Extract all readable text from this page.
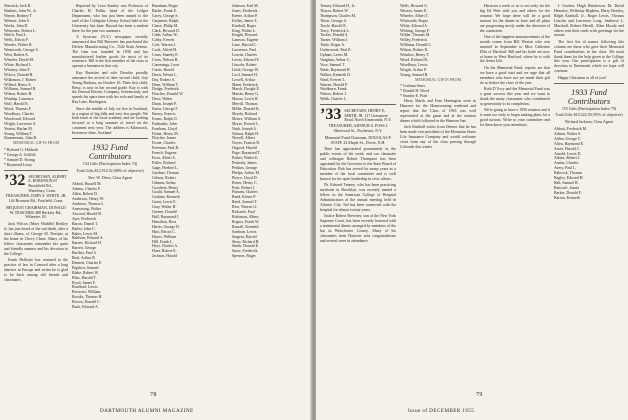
Warwick, Jack R.
Watkins, John W., Jr.
Wayne, Rodney T.
Webster, John S.
Weeks, John D.
Weinstein, Robert L.
Welch, Paul L.
Wells, Edwin F.
Wender, Walter R.
Wentworth, George S.
West, Robert A.
Wheeler, David M.
White, Richard L.
Whitney, John P.
Wilcox, Donald H.
Wilkinson, J. Robert
Willard, Henry S.
Williams, Samuel B.
Wilson, Robert H.
Winship, Laurence
Wolf, Harold E.
Wood, Thomas F.
Woodbury, Charles
Woodward, Edward
Wright, Lawrence S.
Yeaton, Harlan M.
Young, William T.
Zimmerman, John R.
MEMORIAL GIFTS FROM
* Richard G. Hildreth
* George A. Griffith
* Samuel D. Strong
* Raymond Leary
’32 SECRETARY, ALBERT E. ROBINSON 67 Brookfield Rd., Waterbury, Conn.
TREASURER, JOHN S. WHITE, JR. 144 Bronson Rd., Fairfield, Conn.
BEQUEST CHAIRMAN, DONALD W. DOSCHER 488 Berkley Rd., Wilmette, Ill.

Jack Wilcox (Mary Waddle) Berkley Jr. has just heard of the sad death, after a short illness, of George M. Deetjen, at his home in Chevy Chase. Many of his fellow classmates remember his quiet and friendly manner and his devotion to the College.

Frank Hollister has returned to the practice of law in Concord after a long absence in Europe and writes he is glad to be back among old friends and classmates.

Reported by Leon Stanley was Professor of Charles H. Pullin, head of the Ledger Department, who has just been named to the staff of the Collegiate Library School held at the University last June. Bayard has been a student there for the past two summers.

A Syracuse (N.Y.) newspaper recently announced that Bill Brewster has purchased the Deliver Manufacturing Co., 1542 Sixth Avenue. The firm was founded in 1938 and has manufactured leather goods for most of its existence. Bill is the first member of the class to operate a business in that city.

Kay Barrister and wife Dorothy proudly announce the arrival of their second child, Gay Young Barbara, on October 16. Their first child, Betsy, is now in her second grade. Kay is with the General Electric Company, Schenectady, and spends his spare time with his wife and family at Ray Lane, Burlington.

Since the middle of July we live in Scotland, in a region of big hills and very few people. We both teach at the local academy and are looking forward to a long summer of travel on the continent next year. The address is Kilmorack, Inverness-shire, Scotland.

1932 Fund Contributors
134 Gifts (Participation Index 74)
Total Gifts $12,914.92 (88% of objective)
Rev. W. Drew, Class Agent
Abbott, Russell M.
Adams, Charles F.
Allen, Robert D.
Anderson, Henry W.
Andrews, Thomas L.
Armstrong, Walter
Atwood, Harold B.
Ayer, Frederick
Bacon, Daniel T.
Bailey, John C.
Baker, Lewis M.
Baldwin, Edward S.
Barnes, Richard H.
Barrett, George
Bartlett, Paul A.
Beal, Arthur R.
Bennett, Charles E.
Bigelow, Samuel
Blake, Robert W.
Bliss, Harold T.
Boyd, James F.
Bradford, Lewis
Brewster, William
Brooks, Thomas H.
Brown, Donald C.
Buck, Edward A.
Burnham, Roger
Butler, Frank E.
Carey, George S.
Carpenter, Ralph
Chase, Philip M.
Clark, Howard D.
Cobb, Arthur W.
Colby, Everett
Cole, Warren J.
Cook, Alfred H.
Cram, Stanley E.
Cross, Nelson B.
Cummings, Leon
Curtis, Harold
Davis, Edwin L.
Day, Robert A.
Dean, William T.
Dodge, Frederick
Doscher, Donald W.
Drew, Walter
Dunn, Joseph P.
Eaton, George F.
Emery, Francis
Evans, Ralph O.
Fairbanks, John
Farnham, Lloyd
Fisher, Henry M.
Fletcher, James
Foster, Charles
Freeman, Paul R.
French, Eugene
Frost, Albert S.
Fuller, Richard
Gage, Herbert L.
Gardner, Thomas
Gibson, Robert
Gilman, Arthur
Goodwin, Henry
Gould, Samuel A.
Graham, Kenneth
Grant, Lewis E.
Gray, Walter H.
Greene, Donald
Hall, Raymond J.
Hamilton, Ross
Harris, George D.
Hart, Edwin C.
Hayes, William
Hill, Frank L.
Hoyt, Charles A.
Hunt, Robert E.
Jackson, Harold
Johnson, Earl M.
Jones, Frederick
Keene, Arthur P.
Kelley, James T.
Kimball, Roger
King, Walter L.
Knight, Howard
Lamson, Eugene
Lane, Harold C.
Lawrence, Paul
Leavitt, Charles
Lewis, Edward F.
Lincoln, Robert
Little, George W.
Lord, Samuel H.
Lowell, Arthur
Mann, Frederick
Marsh, Dwight E.
Martin, Henry G.
Mason, Lewis R.
Merrill, Thomas
Miller, Donald K.
Moody, Richard
Moore, William S.
Morse, Everett L.
Nash, Joseph A.
Nelson, Ralph H.
Newell, Albert
Noyes, Francis B.
Osgood, Harold
Page, Raymond T.
Parker, Walter E.
Peabody, James
Perkins, George
Phelps, Arthur M.
Pierce, Lloyd D.
Porter, Henry C.
Pratt, Robert J.
Putnam, Charles
Rand, Edwin P.
Reed, Samuel T.
Rice, Warren G.
Richards, Paul
Robinson, Albert
Rogers, Frank W.
Russell, Kenneth
Sanborn, Lewis
Sargent, Harold
Shaw, Richard H.
Smith, Donald E.
Snow, Frederick
Spencer, Roger
78
DARTMOUTH ALUMNI MAGAZINE
Tenney, Edward H., Jr.
Thayer, Robert W.
Thompson, Charles M.
Tilton, George A.
Towle, Harold E.
Tracy, Frederick L.
Tucker, Donald S.
Turner, William J.
Tuttle, Roger A.
Underwood, Paul E.
Upham, Lewis M.
Vaughan, Arthur C.
Vose, Samuel T.
Wade, Raymond H.
Walker, Kenneth D.
Ward, Everett L.
Warren, Harold P.
Washburn, Frank
Waters, Robert J.
Webb, Charles L.
’33 SECRETARY, HENRY E. SMITH, JR. 127 Grassmere Road, North Tonawanda, N.Y.
TREASURER, ARTHUR S. FOSS 2 Sherwood St., Rochester, N.Y.
Memorial Fund Chairman, DOUGLAS P. STAFF 24 Maple St., Dover, N.H.

Time has approached prominently in the public events of the week, and our classmate and colleague Robert Thompson has been appointed by the Governor to the State Board of Education. Bob has served for many years as a member of the local committee and is well known for his quiet leadership in civic affairs.

Dr. Edward Tenney, who has been practicing medicine in Brooklyn, was recently named a fellow in the American College of Hospital Administrators at the annual meeting held in Atlantic City. Ted has been connected with the hospital for almost twenty years.

Justice Robert Brewster, son of the New York Supreme Court, has been recently honored with a testimonial dinner arranged by members of the bar in Westchester County. Many of his classmates from Hanover sent congratulations and several were in attendance.

Wells, Howard G.
Weston, James E.
Wheeler, Albert T.
Whitcomb, Roger
White, Edward A.
Whiting, George F.
Wilder, Thomas M.
Willey, Frederick
Williams, Donald C.
Wilson, Robert K.
Winslow, Henry T.
Wood, Richard B.
Woodbury, Lewis
Wright, Arthur P.
Young, Samuel R.
MEMORIAL GIFTS FROM
* Gorham Sears
* Donald H. Wood
* Stanley E. Pratt

Harry Marsh and Fran Harrington were in Hanover for the Homecoming weekend and report that the Class of 1933 was well represented at the game and at the reunion dinner which followed in the Hanover Inn.

Jack Kimball writes from Denver that he has been made vice president of the Mountain States Life Insurance Company and would welcome visits from any of the class passing through Colorado this winter.

Harrison a week or so to set early for the big Ed Petit with you and others for the reunion. We hope there will be a good turnout for the dinner in June and all plans are progressing nicely under the direction of the committee.

One of the happiest announcements of the month comes from Bill Weston who was married in September to Miss Catherine Ellis of Hartford. Bill and his bride are now at home in West Hartford, where he is with the Aetna Life.

On the Memorial Fund, reports are that we have a good start and we urge that all members who have not yet made their gift do so before the close of the year.

Both D’Arcy and the Memorial Fund was a great success this year and we want to thank the many classmates who contributed so generously to its completion.

We're going to have a 1956 reunion and it is none too early to begin making plans for a good turnout. Write to your committee and let them know your intentions.

I. Gordon, Hugh Henderson, Dr. David Hemsley, Welleslay Hopkins, Harry Horsley, Ralph Kimball, Jr., Roger Lewis, Thomas Lincoln and Lawrence Long. Ambrose L. Marshall, Robert Merrill, Allen Moody and others sent their cards with greetings for the season.

The first list of names following this column are those who gave their Memorial Fund contributions in the class. We must thank them for the help given to the College this year. Our participation is a gift of devotion to Dartmouth which we hope will continue.

Happy Christmas to all of you!

1933 Fund Contributors
155 Gifts (Participation Index 79)
Total Gifts $10,522.50 (95% of objective)
Richard Jackson, Class Agent
Abbott, Frederick M.
Adams, Walter S.
Alden, George T.
Allen, Raymond E.
Ames, Harold C.
Arnold, Lewis D.
Atkins, Robert J.
Austin, Charles
Avery, Paul L.
Babcock, Thomas
Bagley, Edward H.
Ball, Samuel R.
Bancroft, James
Barker, Donald F.
Barton, Kenneth
Issue of DECEMBER 1955
79
